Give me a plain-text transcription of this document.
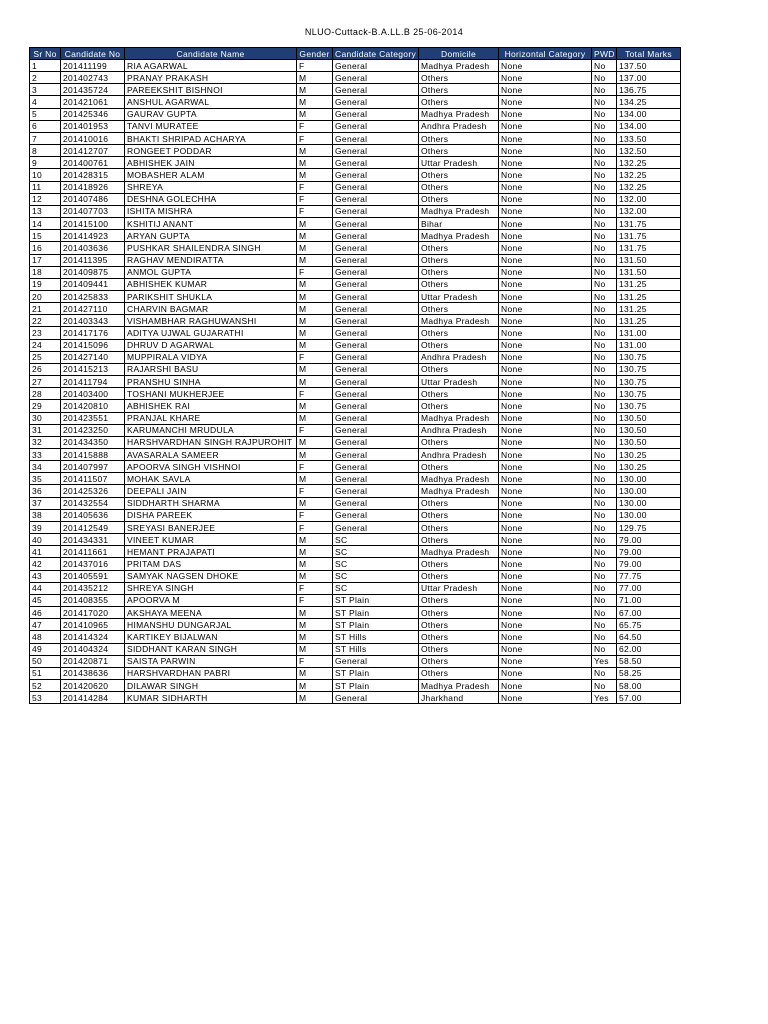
NLUO-Cuttack-B.A.LL.B 25-06-2014
Sr No	Candidate No	Candidate Name	Gender	Candidate Category	Domicile	Horizontal Category	PWD	Total Marks
1	201411199	RIA AGARWAL	F	General	Madhya Pradesh	None	No	137.50
2	201402743	PRANAY PRAKASH	M	General	Others	None	No	137.00
3	201435724	PAREEKSHIT BISHNOI	M	General	Others	None	No	136.75
4	201421061	ANSHUL AGARWAL	M	General	Others	None	No	134.25
5	201425346	GAURAV GUPTA	M	General	Madhya Pradesh	None	No	134.00
6	201401953	TANVI MURATEE	F	General	Andhra Pradesh	None	No	134.00
7	201410016	BHAKTI SHRIPAD ACHARYA	F	General	Others	None	No	133.50
8	201412707	RONGEET PODDAR	M	General	Others	None	No	132.50
9	201400761	ABHISHEK JAIN	M	General	Uttar Pradesh	None	No	132.25
10	201428315	MOBASHER ALAM	M	General	Others	None	No	132.25
11	201418926	SHREYA	F	General	Others	None	No	132.25
12	201407486	DESHNA GOLECHHA	F	General	Others	None	No	132.00
13	201407703	ISHITA MISHRA	F	General	Madhya Pradesh	None	No	132.00
14	201415100	KSHITIJ ANANT	M	General	Bihar	None	No	131.75
15	201414923	ARYAN GUPTA	M	General	Madhya Pradesh	None	No	131.75
16	201403636	PUSHKAR SHAILENDRA SINGH	M	General	Others	None	No	131.75
17	201411395	RAGHAV MENDIRATTA	M	General	Others	None	No	131.50
18	201409875	ANMOL GUPTA	F	General	Others	None	No	131.50
19	201409441	ABHISHEK KUMAR	M	General	Others	None	No	131.25
20	201425833	PARIKSHIT SHUKLA	M	General	Uttar Pradesh	None	No	131.25
21	201427110	CHARVIN BAGMAR	M	General	Others	None	No	131.25
22	201403343	VISHAMBHAR RAGHUWANSHI	M	General	Madhya Pradesh	None	No	131.25
23	201417176	ADITYA UJWAL GUJARATHI	M	General	Others	None	No	131.00
24	201415096	DHRUV D AGARWAL	M	General	Others	None	No	131.00
25	201427140	MUPPIRALA VIDYA	F	General	Andhra Pradesh	None	No	130.75
26	201415213	RAJARSHI BASU	M	General	Others	None	No	130.75
27	201411794	PRANSHU SINHA	M	General	Uttar Pradesh	None	No	130.75
28	201403400	TOSHANI MUKHERJEE	F	General	Others	None	No	130.75
29	201420810	ABHISHEK RAI	M	General	Others	None	No	130.75
30	201423551	PRANJAL KHARE	M	General	Madhya Pradesh	None	No	130.50
31	201423250	KARUMANCHI MRUDULA	F	General	Andhra Pradesh	None	No	130.50
32	201434350	HARSHVARDHAN SINGH RAJPUROHIT	M	General	Others	None	No	130.50
33	201415888	AVASARALA SAMEER	M	General	Andhra Pradesh	None	No	130.25
34	201407997	APOORVA SINGH VISHNOI	F	General	Others	None	No	130.25
35	201411507	MOHAK SAVLA	M	General	Madhya Pradesh	None	No	130.00
36	201425326	DEEPALI JAIN	F	General	Madhya Pradesh	None	No	130.00
37	201432554	SIDDHARTH SHARMA	M	General	Others	None	No	130.00
38	201405636	DISHA PAREEK	F	General	Others	None	No	130.00
39	201412549	SREYASI BANERJEE	F	General	Others	None	No	129.75
40	201434331	VINEET KUMAR	M	SC	Others	None	No	79.00
41	201411661	HEMANT PRAJAPATI	M	SC	Madhya Pradesh	None	No	79.00
42	201437016	PRITAM DAS	M	SC	Others	None	No	79.00
43	201405591	SAMYAK NAGSEN DHOKE	M	SC	Others	None	No	77.75
44	201435212	SHREYA SINGH	F	SC	Uttar Pradesh	None	No	77.00
45	201408355	APOORVA M	F	ST Plain	Others	None	No	71.00
46	201417020	AKSHAYA MEENA	M	ST Plain	Others	None	No	67.00
47	201410965	HIMANSHU DUNGARJAL	M	ST Plain	Others	None	No	65.75
48	201414324	KARTIKEY BIJALWAN	M	ST Hills	Others	None	No	64.50
49	201404324	SIDDHANT KARAN SINGH	M	ST Hills	Others	None	No	62.00
50	201420871	SAISTA PARWIN	F	General	Others	None	Yes	58.50
51	201438636	HARSHVARDHAN PABRI	M	ST Plain	Others	None	No	58.25
52	201420620	DILAWAR SINGH	M	ST Plain	Madhya Pradesh	None	No	58.00
53	201414284	KUMAR SIDHARTH	M	General	Jharkhand	None	Yes	57.00
